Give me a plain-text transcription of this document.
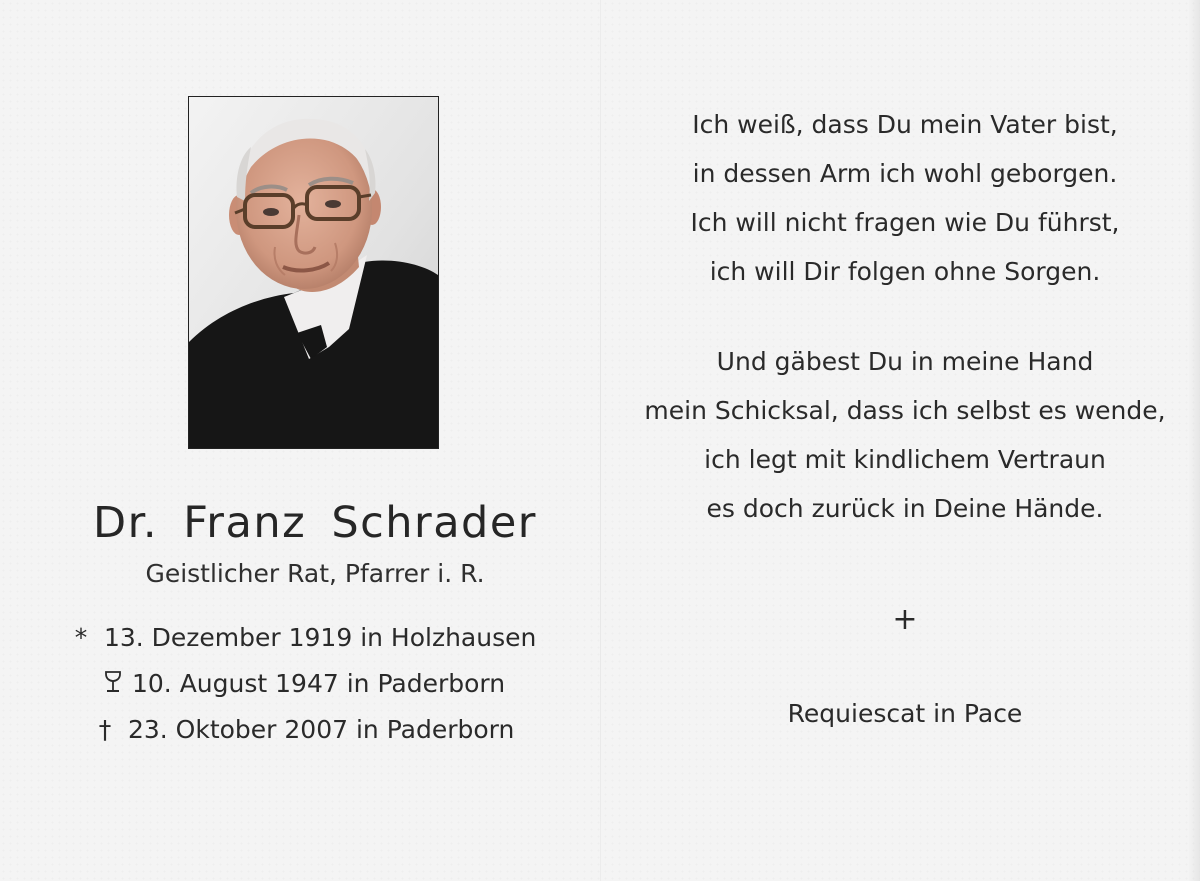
Dr. Franz Schrader
Geistlicher Rat, Pfarrer i. R.
* 13. Dezember 1919 in Holzhausen
10. August 1947 in Paderborn
† 23. Oktober 2007 in Paderborn
Ich weiß, dass Du mein Vater bist,
in dessen Arm ich wohl geborgen.
Ich will nicht fragen wie Du führst,
ich will Dir folgen ohne Sorgen.
Und gäbest Du in meine Hand
mein Schicksal, dass ich selbst es wende,
ich legt mit kindlichem Vertraun
es doch zurück in Deine Hände.
+
Requiescat in Pace
